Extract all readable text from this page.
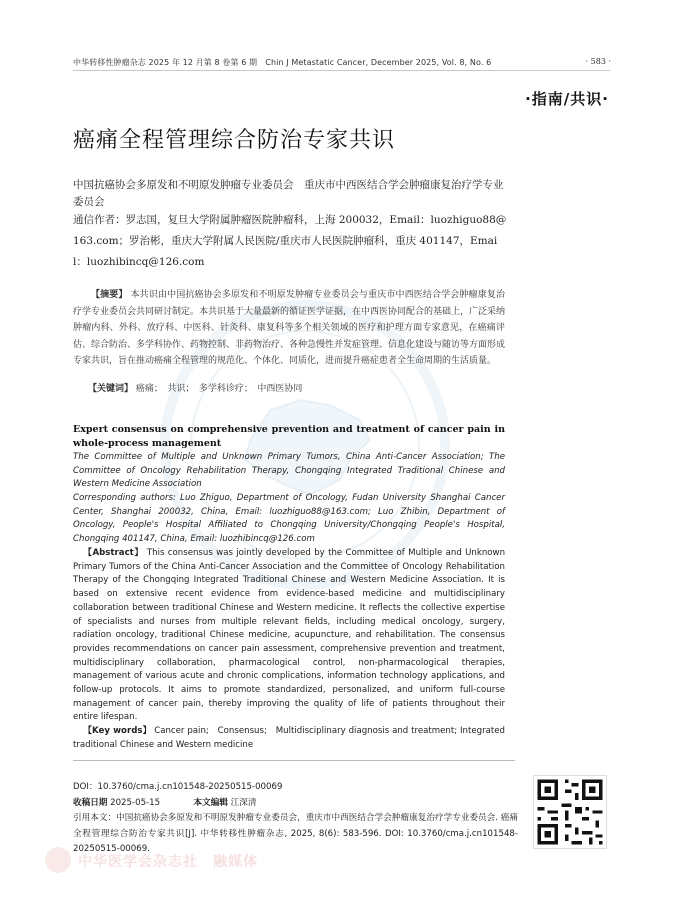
中华转移性肿瘤杂志 2025 年 12 月第 8 卷第 6 期　Chin J Metastatic Cancer, December 2025, Vol. 8, No. 6	· 583 ·
·指南/共识·
癌痛全程管理综合防治专家共识
中国抗癌协会多原发和不明原发肿瘤专业委员会　重庆市中西医结合学会肿瘤康复治疗学专业委员会
通信作者：罗志国，复旦大学附属肿瘤医院肿瘤科，上海 200032，Email：luozhiguo88@163.com；罗治彬，重庆大学附属人民医院/重庆市人民医院肿瘤科，重庆 401147，Email：luozhibincq@126.com
【摘要】 本共识由中国抗癌协会多原发和不明原发肿瘤专业委员会与重庆市中西医结合学会肿瘤康复治疗学专业委员会共同研讨制定。本共识基于大量最新的循证医学证据，在中西医协同配合的基础上，广泛采纳肿瘤内科、外科、放疗科、中医科、针灸科、康复科等多个相关领域的医疗和护理方面专家意见，在癌痛评估、综合防治、多学科协作、药物控制、非药物治疗、各种急慢性并发症管理、信息化建设与随访等方面形成专家共识，旨在推动癌痛全程管理的规范化、个体化、同质化，进而提升癌症患者全生命周期的生活质量。
【关键词】 癌痛；　共识；　多学科诊疗；　中西医协同
Expert consensus on comprehensive prevention and treatment of cancer pain in whole-process management
The Committee of Multiple and Unknown Primary Tumors, China Anti-Cancer Association; The Committee of Oncology Rehabilitation Therapy, Chongqing Integrated Traditional Chinese and Western Medicine Association
Corresponding authors: Luo Zhiguo, Department of Oncology, Fudan University Shanghai Cancer Center, Shanghai 200032, China, Email: luozhiguo88@163.com; Luo Zhibin, Department of Oncology, People's Hospital Affiliated to Chongqing University/Chongqing People's Hospital, Chongqing 401147, China, Email: luozhibincq@126.com
【Abstract】 This consensus was jointly developed by the Committee of Multiple and Unknown Primary Tumors of the China Anti-Cancer Association and the Committee of Oncology Rehabilitation Therapy of the Chongqing Integrated Traditional Chinese and Western Medicine Association. It is based on extensive recent evidence from evidence-based medicine and multidisciplinary collaboration between traditional Chinese and Western medicine. It reflects the collective expertise of specialists and nurses from multiple relevant fields, including medical oncology, surgery, radiation oncology, traditional Chinese medicine, acupuncture, and rehabilitation. The consensus provides recommendations on cancer pain assessment, comprehensive prevention and treatment, multidisciplinary collaboration, pharmacological control, non-pharmacological therapies, management of various acute and chronic complications, information technology applications, and follow-up protocols. It aims to promote standardized, personalized, and uniform full-course management of cancer pain, thereby improving the quality of life of patients throughout their entire lifespan.
【Key words】 Cancer pain;　Consensus;　Multidisciplinary diagnosis and treatment; Integrated traditional Chinese and Western medicine
DOI：10.3760/cma.j.cn101548-20250515-00069
收稿日期 2025-05-15	本文编辑 江深清
引用本文：中国抗癌协会多原发和不明原发肿瘤专业委员会，重庆市中西医结合学会肿瘤康复治疗学专业委员会. 癌痛全程管理综合防治专家共识[J]. 中华转移性肿瘤杂志, 2025, 8(6): 583-596. DOI: 10.3760/cma.j.cn101548-20250515-00069.
中华医学会杂志社　融媒体
